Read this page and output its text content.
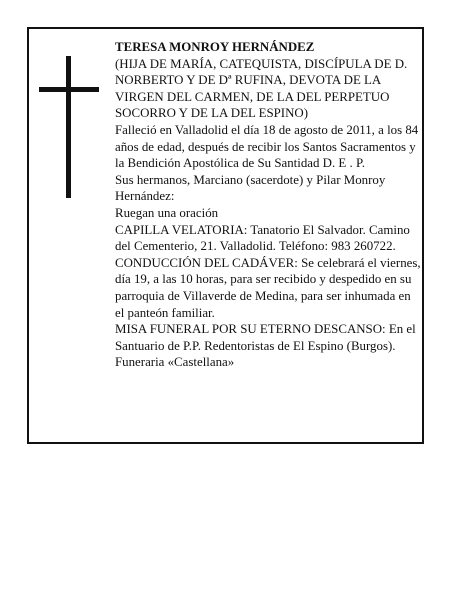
TERESA MONROY HERNÁNDEZ

(HIJA DE MARÍA, CATEQUISTA, DISCÍPULA DE D. NORBERTO Y DE Dª RUFINA, DEVOTA DE LA VIRGEN DEL CARMEN, DE LA DEL PERPETUO SOCORRO Y DE LA DEL ESPINO)

Falleció en Valladolid el día 18 de agosto de 2011, a los 84 años de edad, después de recibir los Santos Sacramentos y la Bendición Apostólica de Su Santidad D. E . P.

Sus hermanos, Marciano (sacerdote) y Pilar Monroy Hernández:

Ruegan una oración

CAPILLA VELATORIA: Tanatorio El Salvador. Camino del Cementerio, 21. Valladolid. Teléfono: 983 260722.

CONDUCCIÓN DEL CADÁVER: Se celebrará el viernes, día 19, a las 10 horas, para ser recibido y despedido en su parroquia de Villaverde de Medina, para ser inhumada en el panteón familiar.

MISA FUNERAL POR SU ETERNO DESCANSO: En el Santuario de P.P. Redentoristas de El Espino (Burgos).

Funeraria «Castellana»
